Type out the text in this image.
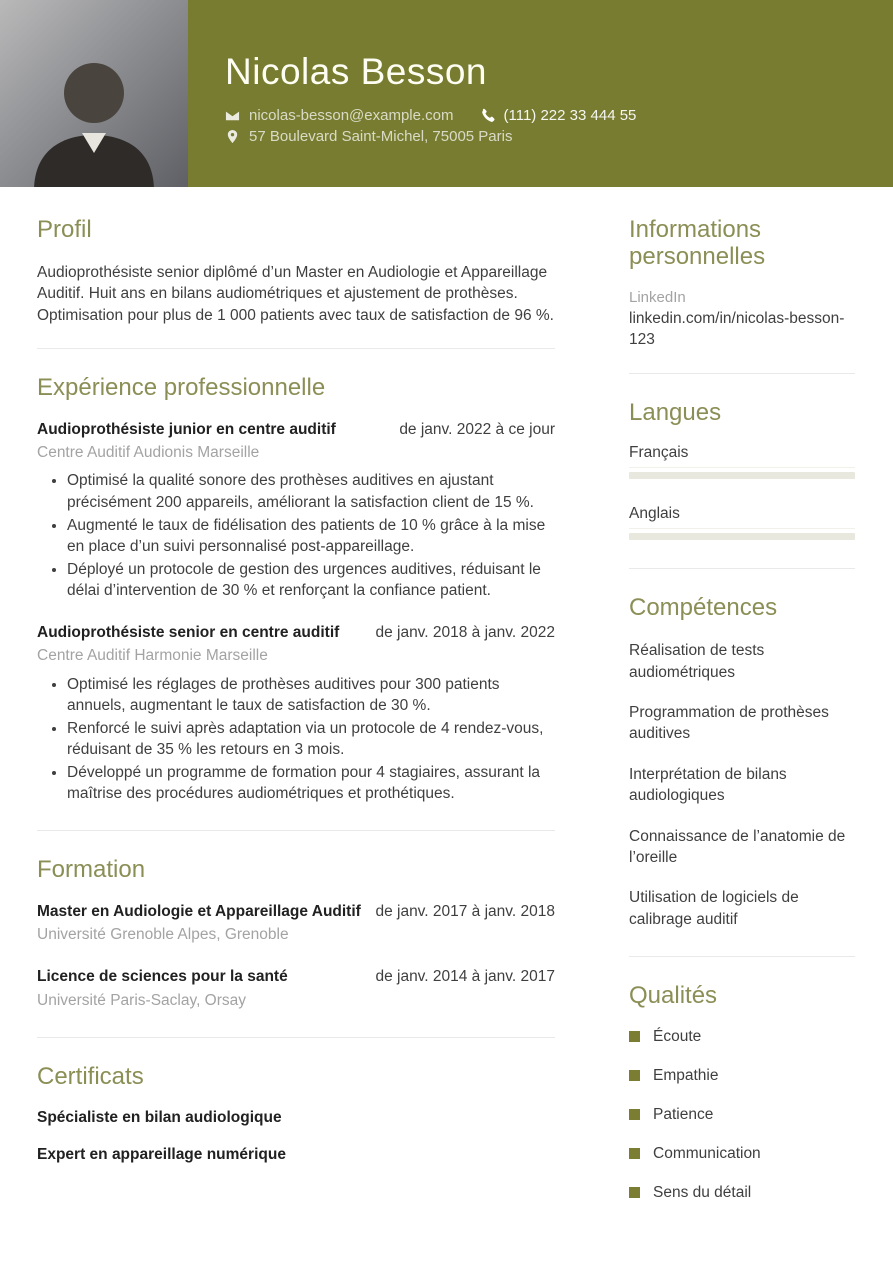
Nicolas Besson
nicolas-besson@example.com	(111) 222 33 444 55
57 Boulevard Saint-Michel, 75005 Paris
Profil

Audioprothésiste senior diplômé d’un Master en Audiologie et Appareillage Auditif. Huit ans en bilans audiométriques et ajustement de prothèses. Optimisation pour plus de 1 000 patients avec taux de satisfaction de 96 %.

Expérience professionnelle
Audioprothésiste junior en centre auditif	de janv. 2022 à ce jour
Centre Auditif Audionis Marseille
• Optimisé la qualité sonore des prothèses auditives en ajustant précisément 200 appareils, améliorant la satisfaction client de 15 %.
• Augmenté le taux de fidélisation des patients de 10 % grâce à la mise en place d’un suivi personnalisé post-appareillage.
• Déployé un protocole de gestion des urgences auditives, réduisant le délai d’intervention de 30 % et renforçant la confiance patient.
Audioprothésiste senior en centre auditif de janv. 2018 à janv. 2022
Centre Auditif Harmonie Marseille
• Optimisé les réglages de prothèses auditives pour 300 patients annuels, augmentant le taux de satisfaction de 30 %.
• Renforcé le suivi après adaptation via un protocole de 4 rendez-vous, réduisant de 35 % les retours en 3 mois.
• Développé un programme de formation pour 4 stagiaires, assurant la maîtrise des procédures audiométriques et prothétiques.
Formation
Master en Audiologie et Appareillage Auditif de janv. 2017 à janv. 2018
Université Grenoble Alpes, Grenoble
Licence de sciences pour la santé	de janv. 2014 à janv. 2017
Université Paris-Saclay, Orsay
Certificats
Spécialiste en bilan audiologique
Expert en appareillage numérique
Informations personnelles
LinkedIn
linkedin.com/in/nicolas-besson-123
Langues
Français
Anglais
Compétences
Réalisation de tests audiométriques
Programmation de prothèses auditives
Interprétation de bilans audiologiques
Connaissance de l’anatomie de l’oreille
Utilisation de logiciels de calibrage auditif
Qualités
Écoute
Empathie
Patience
Communication
Sens du détail
